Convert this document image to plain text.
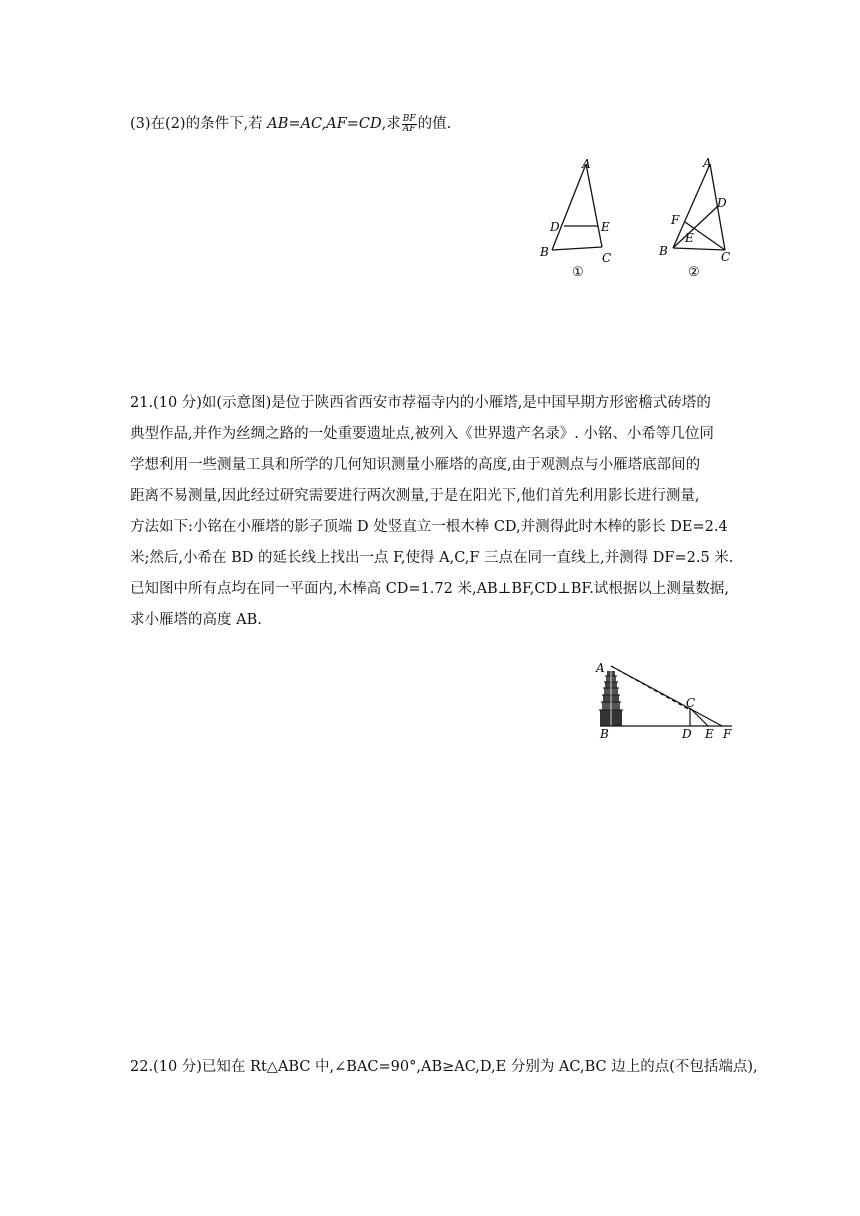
(3)在(2)的条件下,若 AB=AC,AF=CD,求 $\frac{BF}{AF}$ 的值.
A
D	E
B	C
①
A
D
F
E
B	C
②
21.(10 分)如(示意图)是位于陕西省西安市荐福寺内的小雁塔,是中国早期方形密檐式砖塔的
典型作品,并作为丝绸之路的一处重要遗址点,被列入《世界遗产名录》. 小铭、小希等几位同
学想利用一些测量工具和所学的几何知识测量小雁塔的高度,由于观测点与小雁塔底部间的
距离不易测量,因此经过研究需要进行两次测量,于是在阳光下,他们首先利用影长进行测量,
方法如下:小铭在小雁塔的影子顶端 D 处竖直立一根木棒 CD,并测得此时木棒的影长 DE=2.4
米;然后,小希在 BD 的延长线上找出一点 F,使得 A,C,F 三点在同一直线上,并测得 DF=2.5 米.
已知图中所有点均在同一平面内,木棒高 CD=1.72 米,AB⊥BF,CD⊥BF.试根据以上测量数据,
求小雁塔的高度 AB.
A
C
B	D E F
22.(10 分)已知在 Rt△ABC 中,∠BAC=90°,AB≥AC,D,E 分别为 AC,BC 边上的点(不包括端点),
